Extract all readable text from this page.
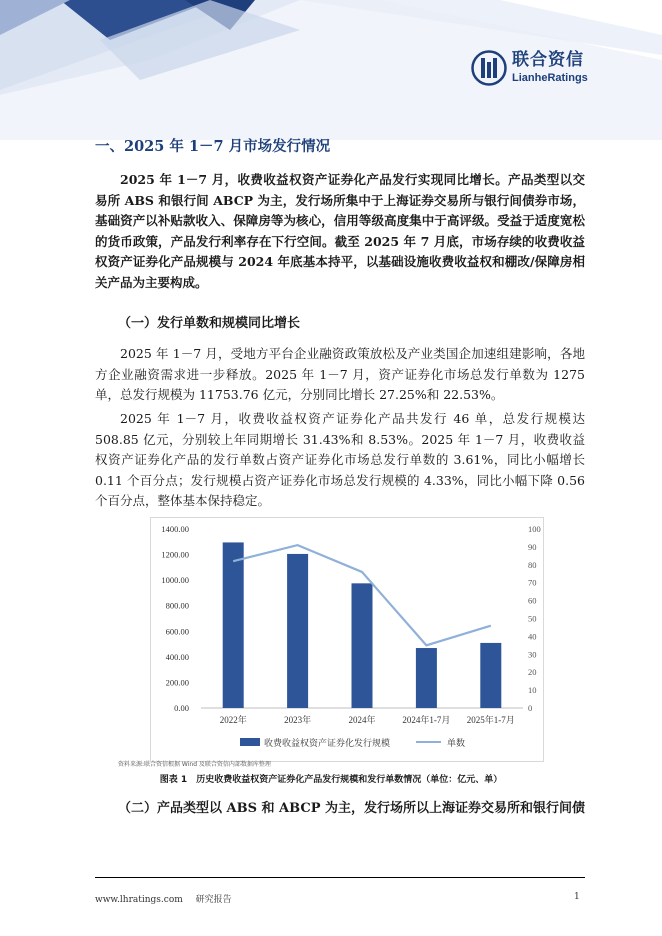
联合资信
LianheRatings
一、2025 年 1－7 月市场发行情况
2025 年 1－7 月，收费收益权资产证券化产品发行实现同比增长。产品类型以交易所 ABS 和银行间 ABCP 为主，发行场所集中于上海证券交易所与银行间债券市场，基础资产以补贴款收入、保障房等为核心，信用等级高度集中于高评级。受益于适度宽松的货币政策，产品发行利率存在下行空间。截至 2025 年 7 月底，市场存续的收费收益权资产证券化产品规模与 2024 年底基本持平，以基础设施收费收益权和棚改/保障房相关产品为主要构成。
（一）发行单数和规模同比增长
2025 年 1－7 月，受地方平台企业融资政策放松及产业类国企加速组建影响，各地方企业融资需求进一步释放。2025 年 1－7 月，资产证券化市场总发行单数为 1275 单，总发行规模为 11753.76 亿元，分别同比增长 27.25%和 22.53%。
2025 年 1－7 月，收费收益权资产证券化产品共发行 46 单，总发行规模达 508.85 亿元，分别较上年同期增长 31.43%和 8.53%。2025 年 1－7 月，收费收益权资产证券化产品的发行单数占资产证券化市场总发行单数的 3.61%，同比小幅增长 0.11 个百分点；发行规模占资产证券化市场总发行规模的 4.33%，同比小幅下降 0.56 个百分点，整体基本保持稳定。
0.00
200.00
400.00
600.00
800.00
1000.00
1200.00
1400.00
0
10
20
30
40
50
60
70
80
90
100
2022年	2023年	2024年	2024年1-7月 2025年1-7月
收费收益权资产证券化发行规模	单数
资料来源:联合资信根据 Wind 及联合资信内部数据库整理
图表 1　历史收费收益权资产证券化产品发行规模和发行单数情况（单位：亿元、单）
（二）产品类型以 ABS 和 ABCP 为主，发行场所以上海证券交易所和银行间债
www.lhratings.com 研究报告	1
